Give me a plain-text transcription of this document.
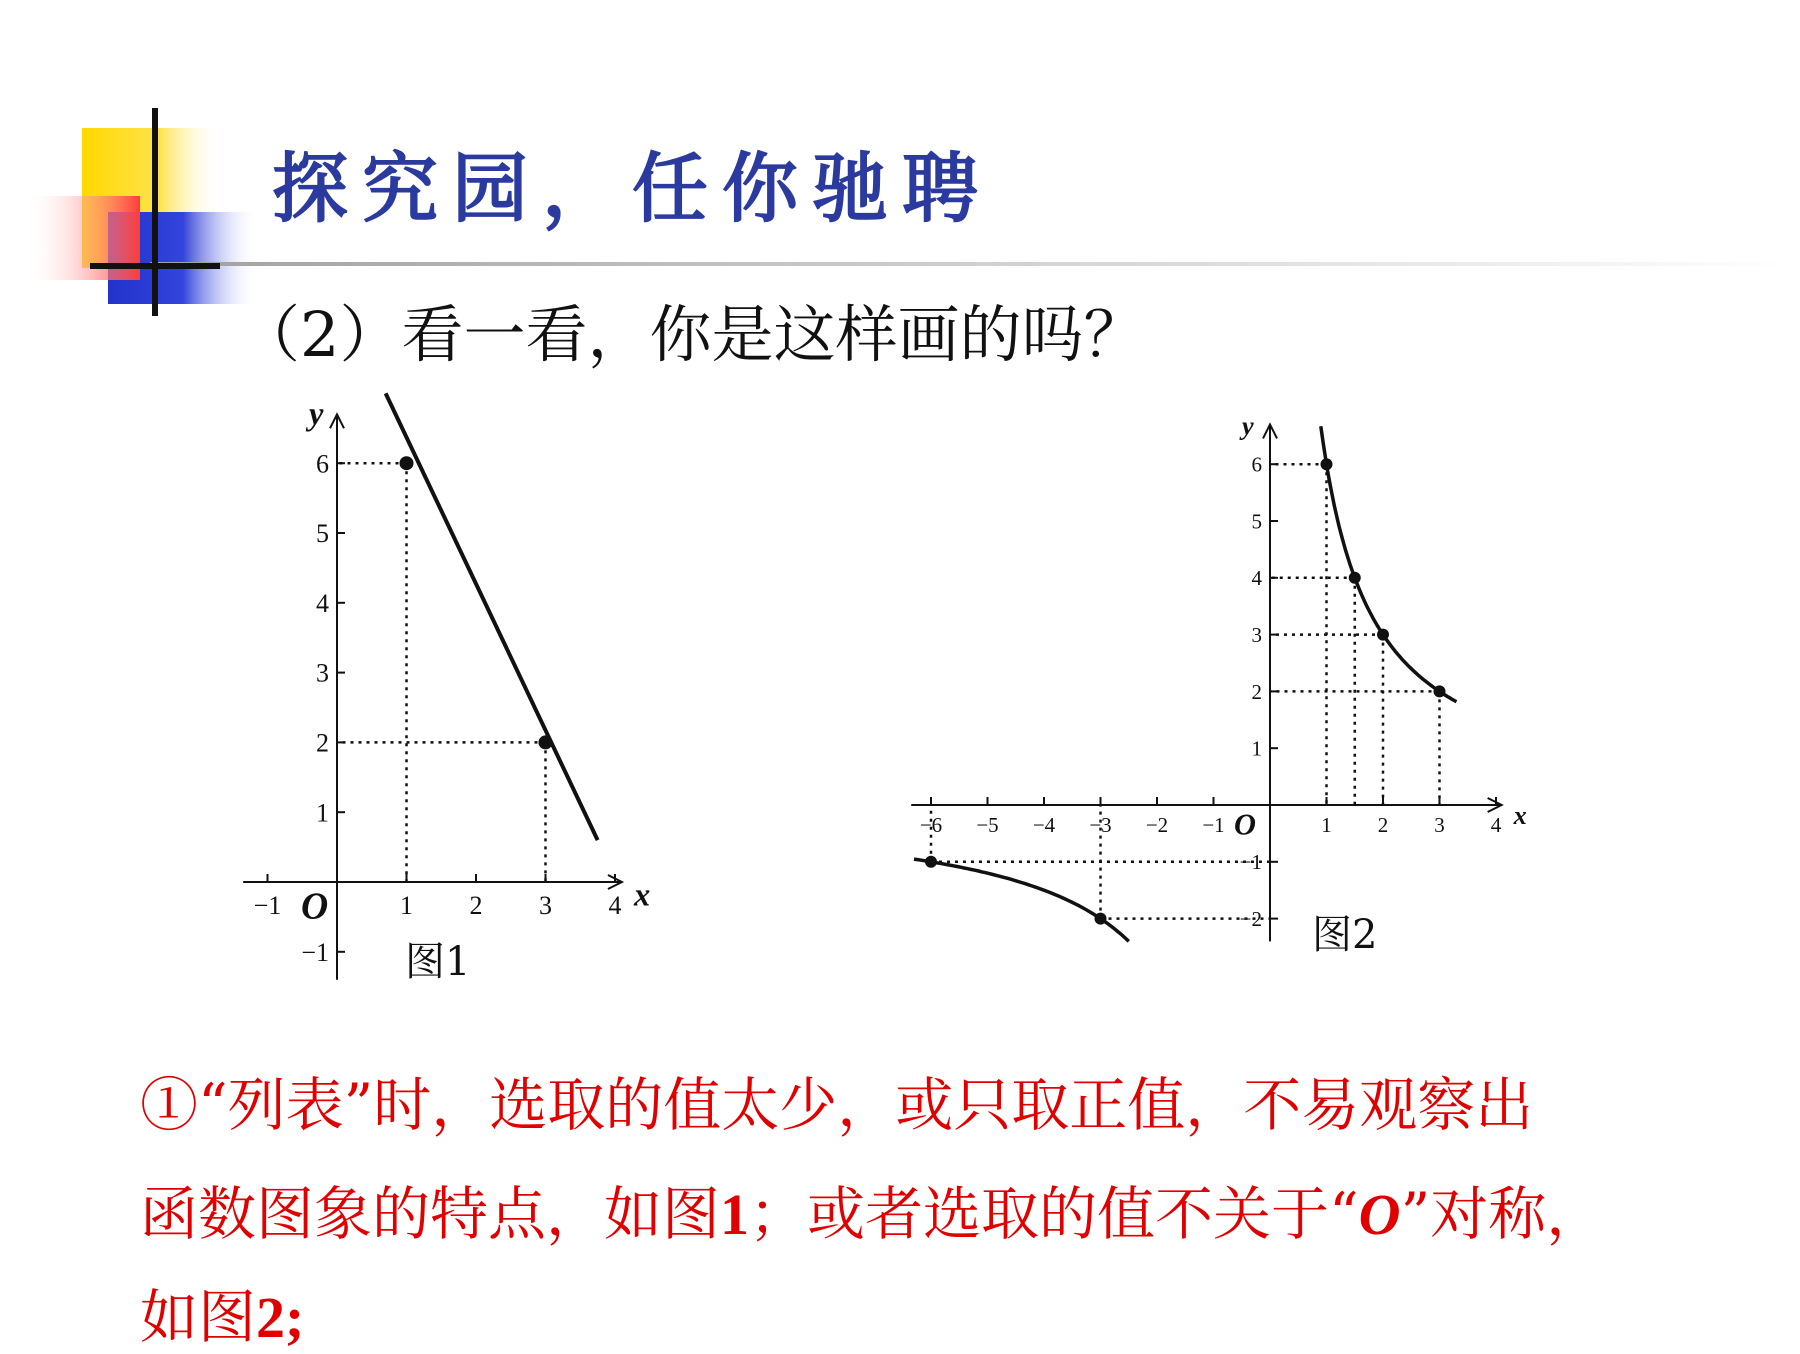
探究园，任你驰聘
（2）看一看，你是这样画的吗？
x
y
O
−1	1 2 3 4
−1
1
2
3
4
5
6
图1
x
y
O
−6 −5 −4 −3 −2 −1	1 2 3 4
−2
−1
1
2
3
4
5
6
图2
①“列表”时，选取的值太少，或只取正值，不易观察出
函数图象的特点，如图1；或者选取的值不关于“O”对称，
如图2;
